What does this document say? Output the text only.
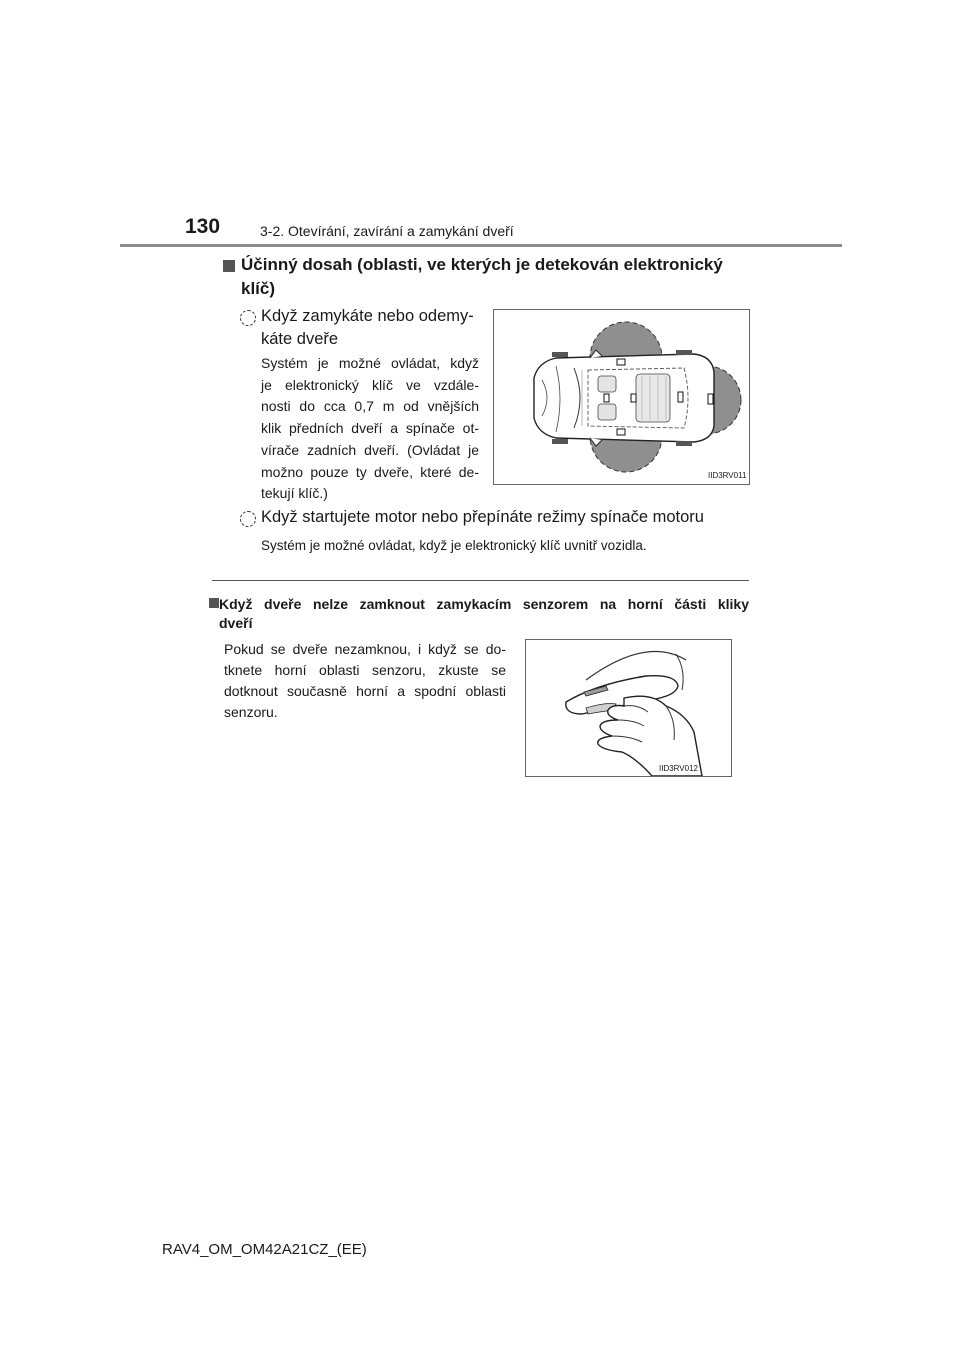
130	3-2. Otevírání, zavírání a zamykání dveří
Účinný dosah (oblasti, ve kterých je detekován elektronický
klíč)
Když zamykáte nebo odemy-
káte dveře
Systém je možné ovládat, když
je elektronický klíč ve vzdále-
nosti do cca 0,7 m od vnějších
klik předních dveří a spínače ot-
vírače zadních dveří. (Ovládat je
možno pouze ty dveře, které de-
tekují klíč.)
IID3RV011
Když startujete motor nebo přepínáte režimy spínače motoru
Systém je možné ovládat, když je elektronický klíč uvnitř vozidla.
Když dveře nelze zamknout zamykacím senzorem na horní části kliky
dveří
Pokud se dveře nezamknou, i když se do-
tknete horní oblasti senzoru, zkuste se
dotknout současně horní a spodní oblasti
senzoru.
IID3RV012
RAV4_OM_OM42A21CZ_(EE)
